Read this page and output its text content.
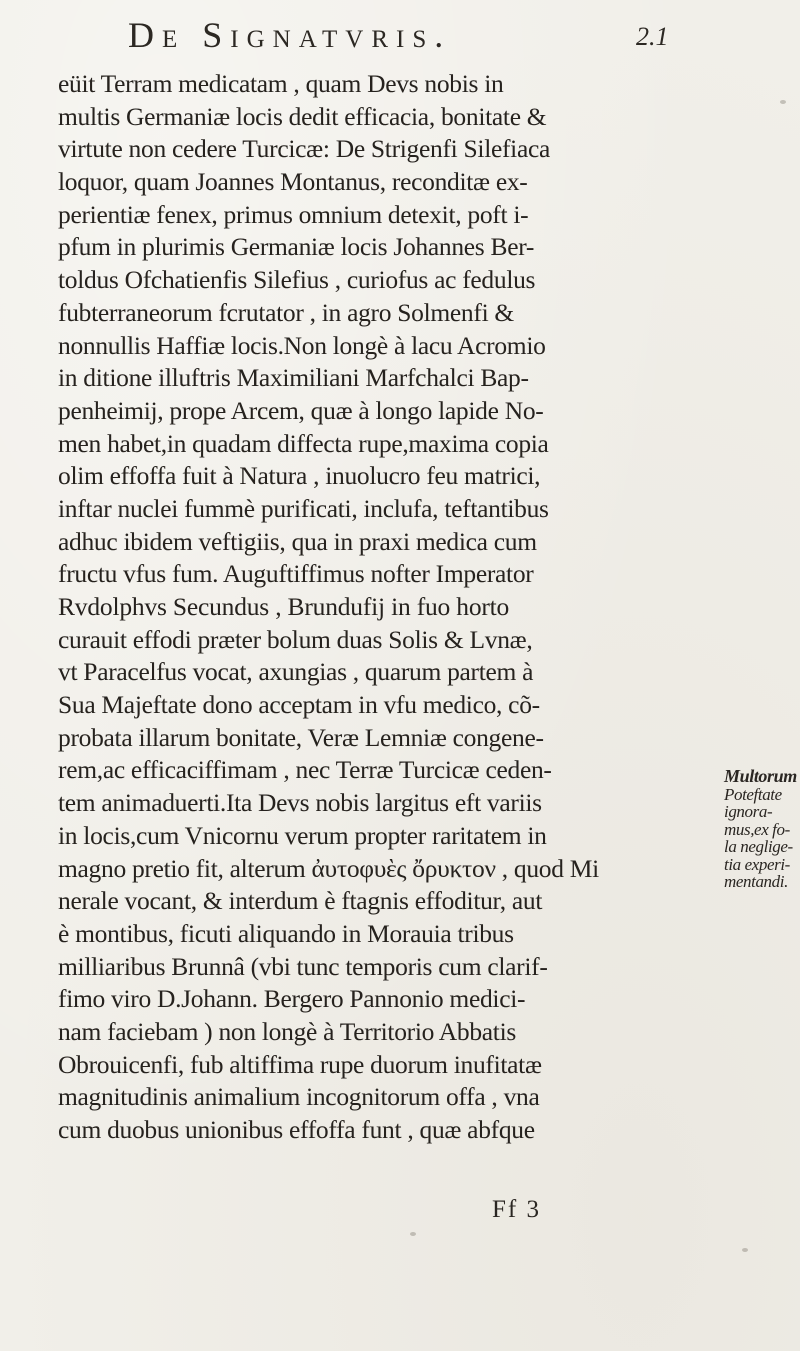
De Signatvris.	2.1
eüit Terram medicatam , quam Devs nobis in
multis Germaniæ locis dedit efficacia, bonitate &
virtute non cedere Turcicæ: De Strigenfi Silefiaca
loquor, quam Joannes Montanus, reconditæ ex-
perientiæ fenex, primus omnium detexit, poft i-
pfum in plurimis Germaniæ locis Johannes Ber-
toldus Ofchatienfis Silefius , curiofus ac fedulus
fubterraneorum fcrutator , in agro Solmenfi &
nonnullis Haffiæ locis.Non longè à lacu Acromio
in ditione illuftris Maximiliani Marfchalci Bap-
penheimij, prope Arcem, quæ à longo lapide No-
men habet,in quadam diffecta rupe,maxima copia
olim effoffa fuit à Natura , inuolucro feu matrici,
inftar nuclei fummè purificati, inclufa, teftantibus
adhuc ibidem veftigiis, qua in praxi medica cum
fructu vfus fum. Auguftiffimus nofter Imperator
Rvdolphvs Secundus , Brundufij in fuo horto
curauit effodi præter bolum duas Solis & Lvnæ,
vt Paracelfus vocat, axungias , quarum partem à
Sua Majeftate dono acceptam in vfu medico, cõ-
probata illarum bonitate, Veræ Lemniæ congene-
rem,ac efficaciffimam , nec Terræ Turcicæ ceden-
tem animaduerti.Ita Devs nobis largitus eft variis
in locis,cum Vnicornu verum propter raritatem in
magno pretio fit, alterum ἀυτοφυὲς ὄρυκτον , quod Mi
nerale vocant, & interdum è ftagnis effoditur, aut
è montibus, ficuti aliquando in Morauia tribus
milliaribus Brunnâ (vbi tunc temporis cum clarif-
fimo viro D.Johann. Bergero Pannonio medici-
nam faciebam ) non longè à Territorio Abbatis
Obrouicenfi, fub altiffima rupe duorum inufitatæ
magnitudinis animalium incognitorum offa , vna
cum duobus unionibus effoffa funt , quæ abfque
Multorum
Poteftate
ignora-
mus,ex fo-
la neglige-
tia experi-
mentandi.
Ff 3
